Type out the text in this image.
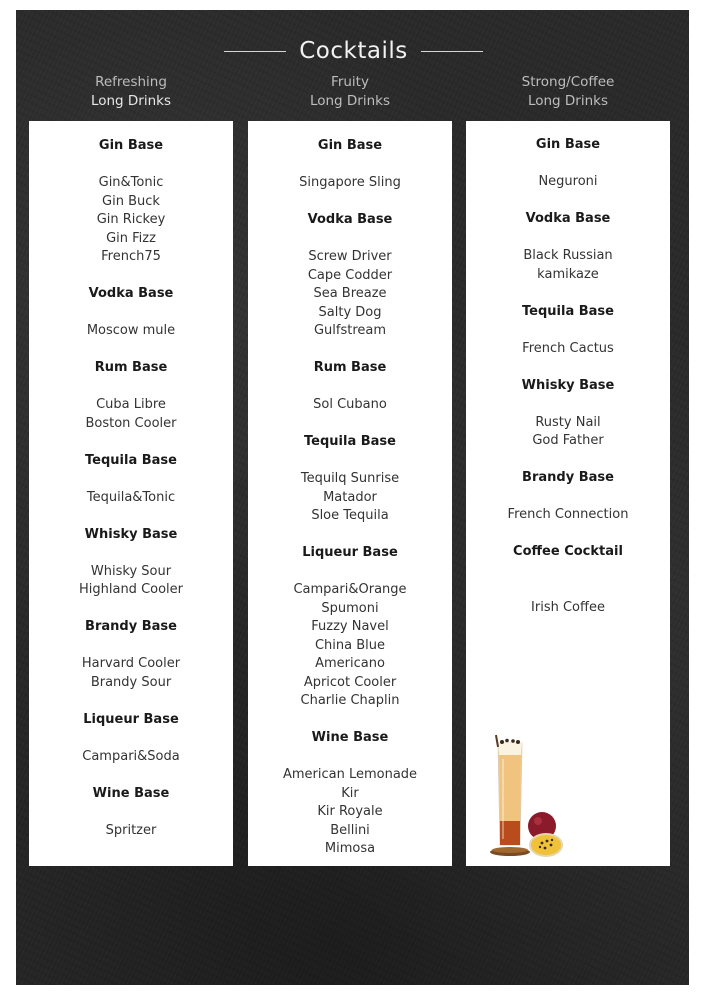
Cocktails
Refreshing
Long Drinks
Fruity
Long Drinks
Strong/Coffee
Long Drinks
Gin Base
Gin&Tonic
Gin Buck
Gin Rickey
Gin Fizz
French75
Vodka Base
Moscow mule
Rum Base
Cuba Libre
Boston Cooler
Tequila Base
Tequila&Tonic
Whisky Base
Whisky Sour
Highland Cooler
Brandy Base
Harvard Cooler
Brandy Sour
Liqueur Base
Campari&Soda
Wine Base
Spritzer
Gin Base
Singapore Sling
Vodka Base
Screw Driver
Cape Codder
Sea Breaze
Salty Dog
Gulfstream
Rum Base
Sol Cubano
Tequila Base
Tequilq Sunrise
Matador
Sloe Tequila
Liqueur Base
Campari&Orange
Spumoni
Fuzzy Navel
China Blue
Americano
Apricot Cooler
Charlie Chaplin
Wine Base
American Lemonade
Kir
Kir Royale
Bellini
Mimosa
Gin Base
Neguroni
Vodka Base
Black Russian
kamikaze
Tequila Base
French Cactus
Whisky Base
Rusty Nail
God Father
Brandy Base
French Connection
Coffee Cocktail
Irish Coffee
